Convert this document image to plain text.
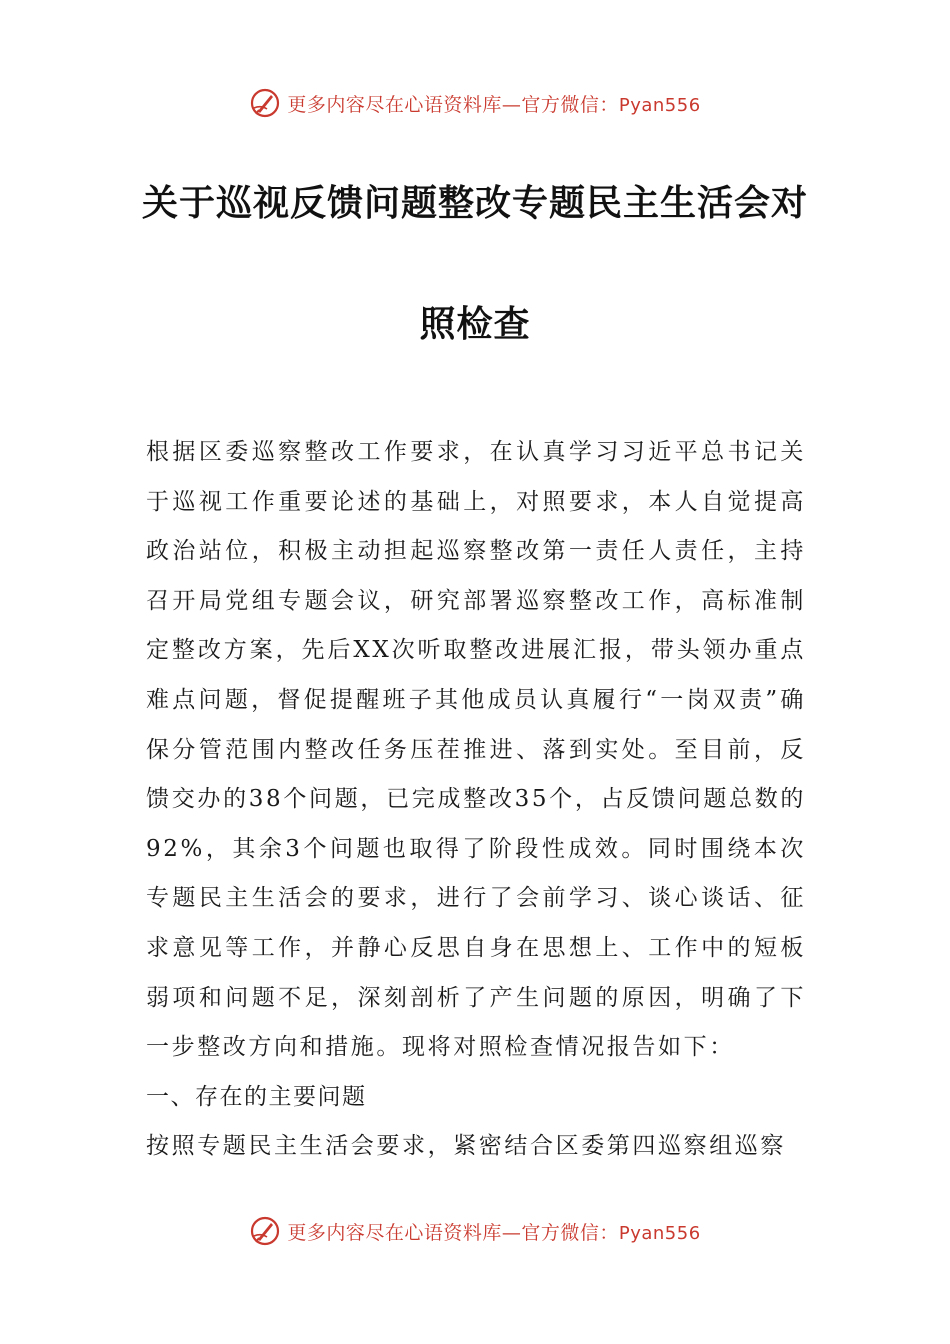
更多内容尽在心语资料库—官方微信：Pyan556
关于巡视反馈问题整改专题民主生活会对
照检查

根据区委巡察整改工作要求，在认真学习习近平总书记关于巡视工作重要论述的基础上，对照要求，本人自觉提高政治站位，积极主动担起巡察整改第一责任人责任，主持召开局党组专题会议，研究部署巡察整改工作，高标准制定整改方案，先后XX次听取整改进展汇报，带头领办重点难点问题，督促提醒班子其他成员认真履行“一岗双责”确保分管范围内整改任务压茬推进、落到实处。至目前，反馈交办的38个问题，已完成整改35个，占反馈问题总数的92%，其余3个问题也取得了阶段性成效。同时围绕本次专题民主生活会的要求，进行了会前学习、谈心谈话、征求意见等工作，并静心反思自身在思想上、工作中的短板弱项和问题不足，深刻剖析了产生问题的原因，明确了下一步整改方向和措施。现将对照检查情况报告如下：

一、存在的主要问题

按照专题民主生活会要求，紧密结合区委第四巡察组巡察

更多内容尽在心语资料库—官方微信：Pyan556
